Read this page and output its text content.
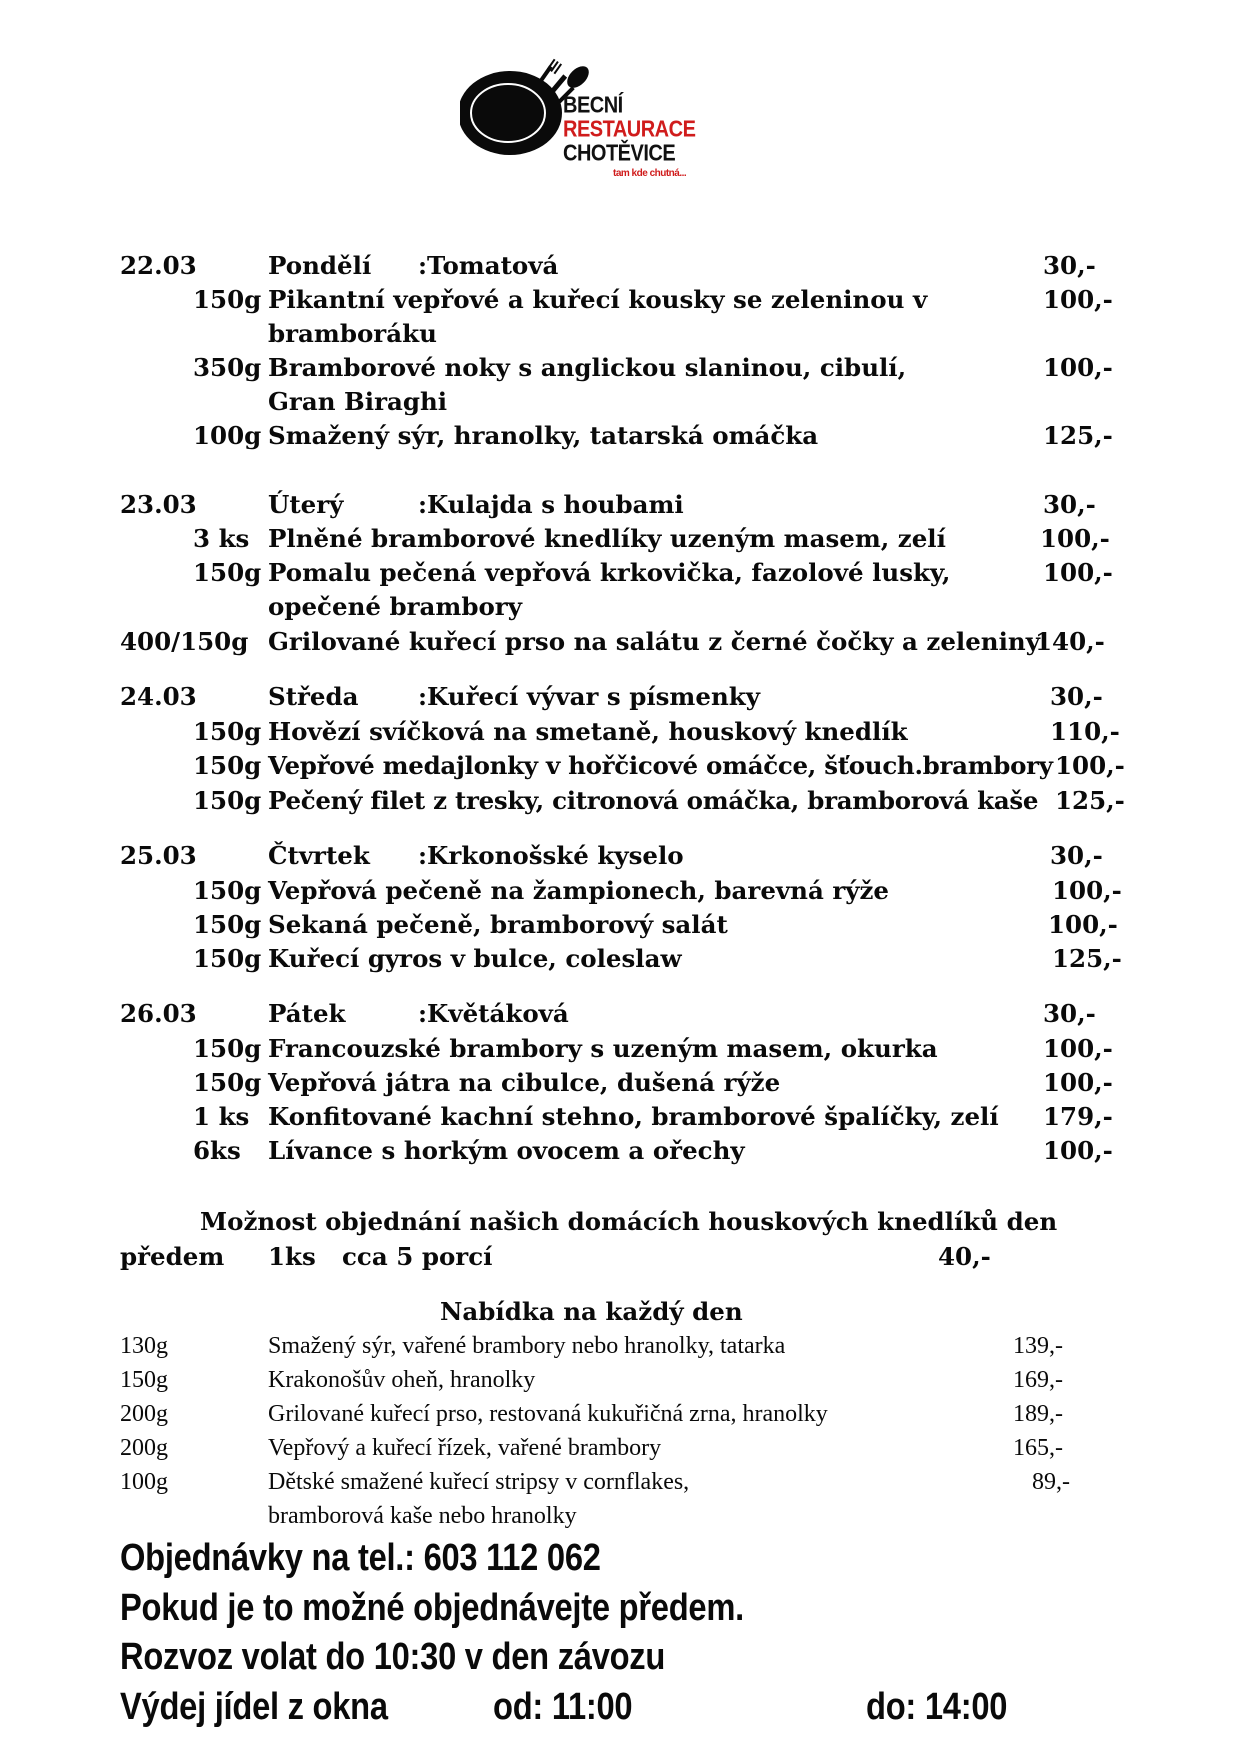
BECNÍ
RESTAURACE
CHOTĚVICE
tam kde chutná...
22.03	Pondělí :Tomatová	30,-
150g Pikantní vepřové a kuřecí kousky se zeleninou v
bramboráku
100,-
350g Bramborové noky s anglickou slaninou, cibulí,
Gran Biraghi
100,-
100g Smažený sýr, hranolky, tatarská omáčka	125,-
23.03	Úterý	:Kulajda s houbami	30,-
3 ks Plněné bramborové knedlíky uzeným masem, zelí	100,-
150g Pomalu pečená vepřová krkovička, fazolové lusky,
opečené brambory
100,-
400/150g Grilované kuřecí prso na salátu z černé čočky a zeleniny
140,-
24.03	Středa :Kuřecí vývar s písmenky	30,-
150g Hovězí svíčková na smetaně, houskový knedlík	110,-
150g Vepřové medajlonky v hořčicové omáčce, šťouch.brambory 100,-
150g Pečený filet z tresky, citronová omáčka, bramborová kaše 125,-
25.03	Čtvrtek :Krkonošské kyselo	30,-
150g Vepřová pečeně na žampionech, barevná rýže	100,-
150g Sekaná pečeně, bramborový salát	100,-
150g Kuřecí gyros v bulce, coleslaw	125,-
26.03	Pátek	:Květáková	30,-
150g Francouzské brambory s uzeným masem, okurka	100,-
150g Vepřová játra na cibulce, dušená rýže	100,-
1 ks Konfitované kachní stehno, bramborové špalíčky, zelí 179,-
6ks Lívance s horkým ovocem a ořechy	100,-
Možnost objednání našich domácích houskových knedlíků den
předem 1ks cca 5 porcí	40,-
Nabídka na každý den
130g	Smažený sýr, vařené brambory nebo hranolky, tatarka	139,-
150g	Krakonošův oheň, hranolky	169,-
200g	Grilované kuřecí prso, restovaná kukuřičná zrna, hranolky	189,-
200g	Vepřový a kuřecí řízek, vařené brambory	165,-
100g	Dětské smažené kuřecí stripsy v cornflakes,
bramborová kaše nebo hranolky
89,-
Objednávky na tel.: 603 112 062
Pokud je to možné objednávejte předem.
Rozvoz volat do 10:30 v den závozu
Výdej jídel z okna	od: 11:00	do: 14:00
